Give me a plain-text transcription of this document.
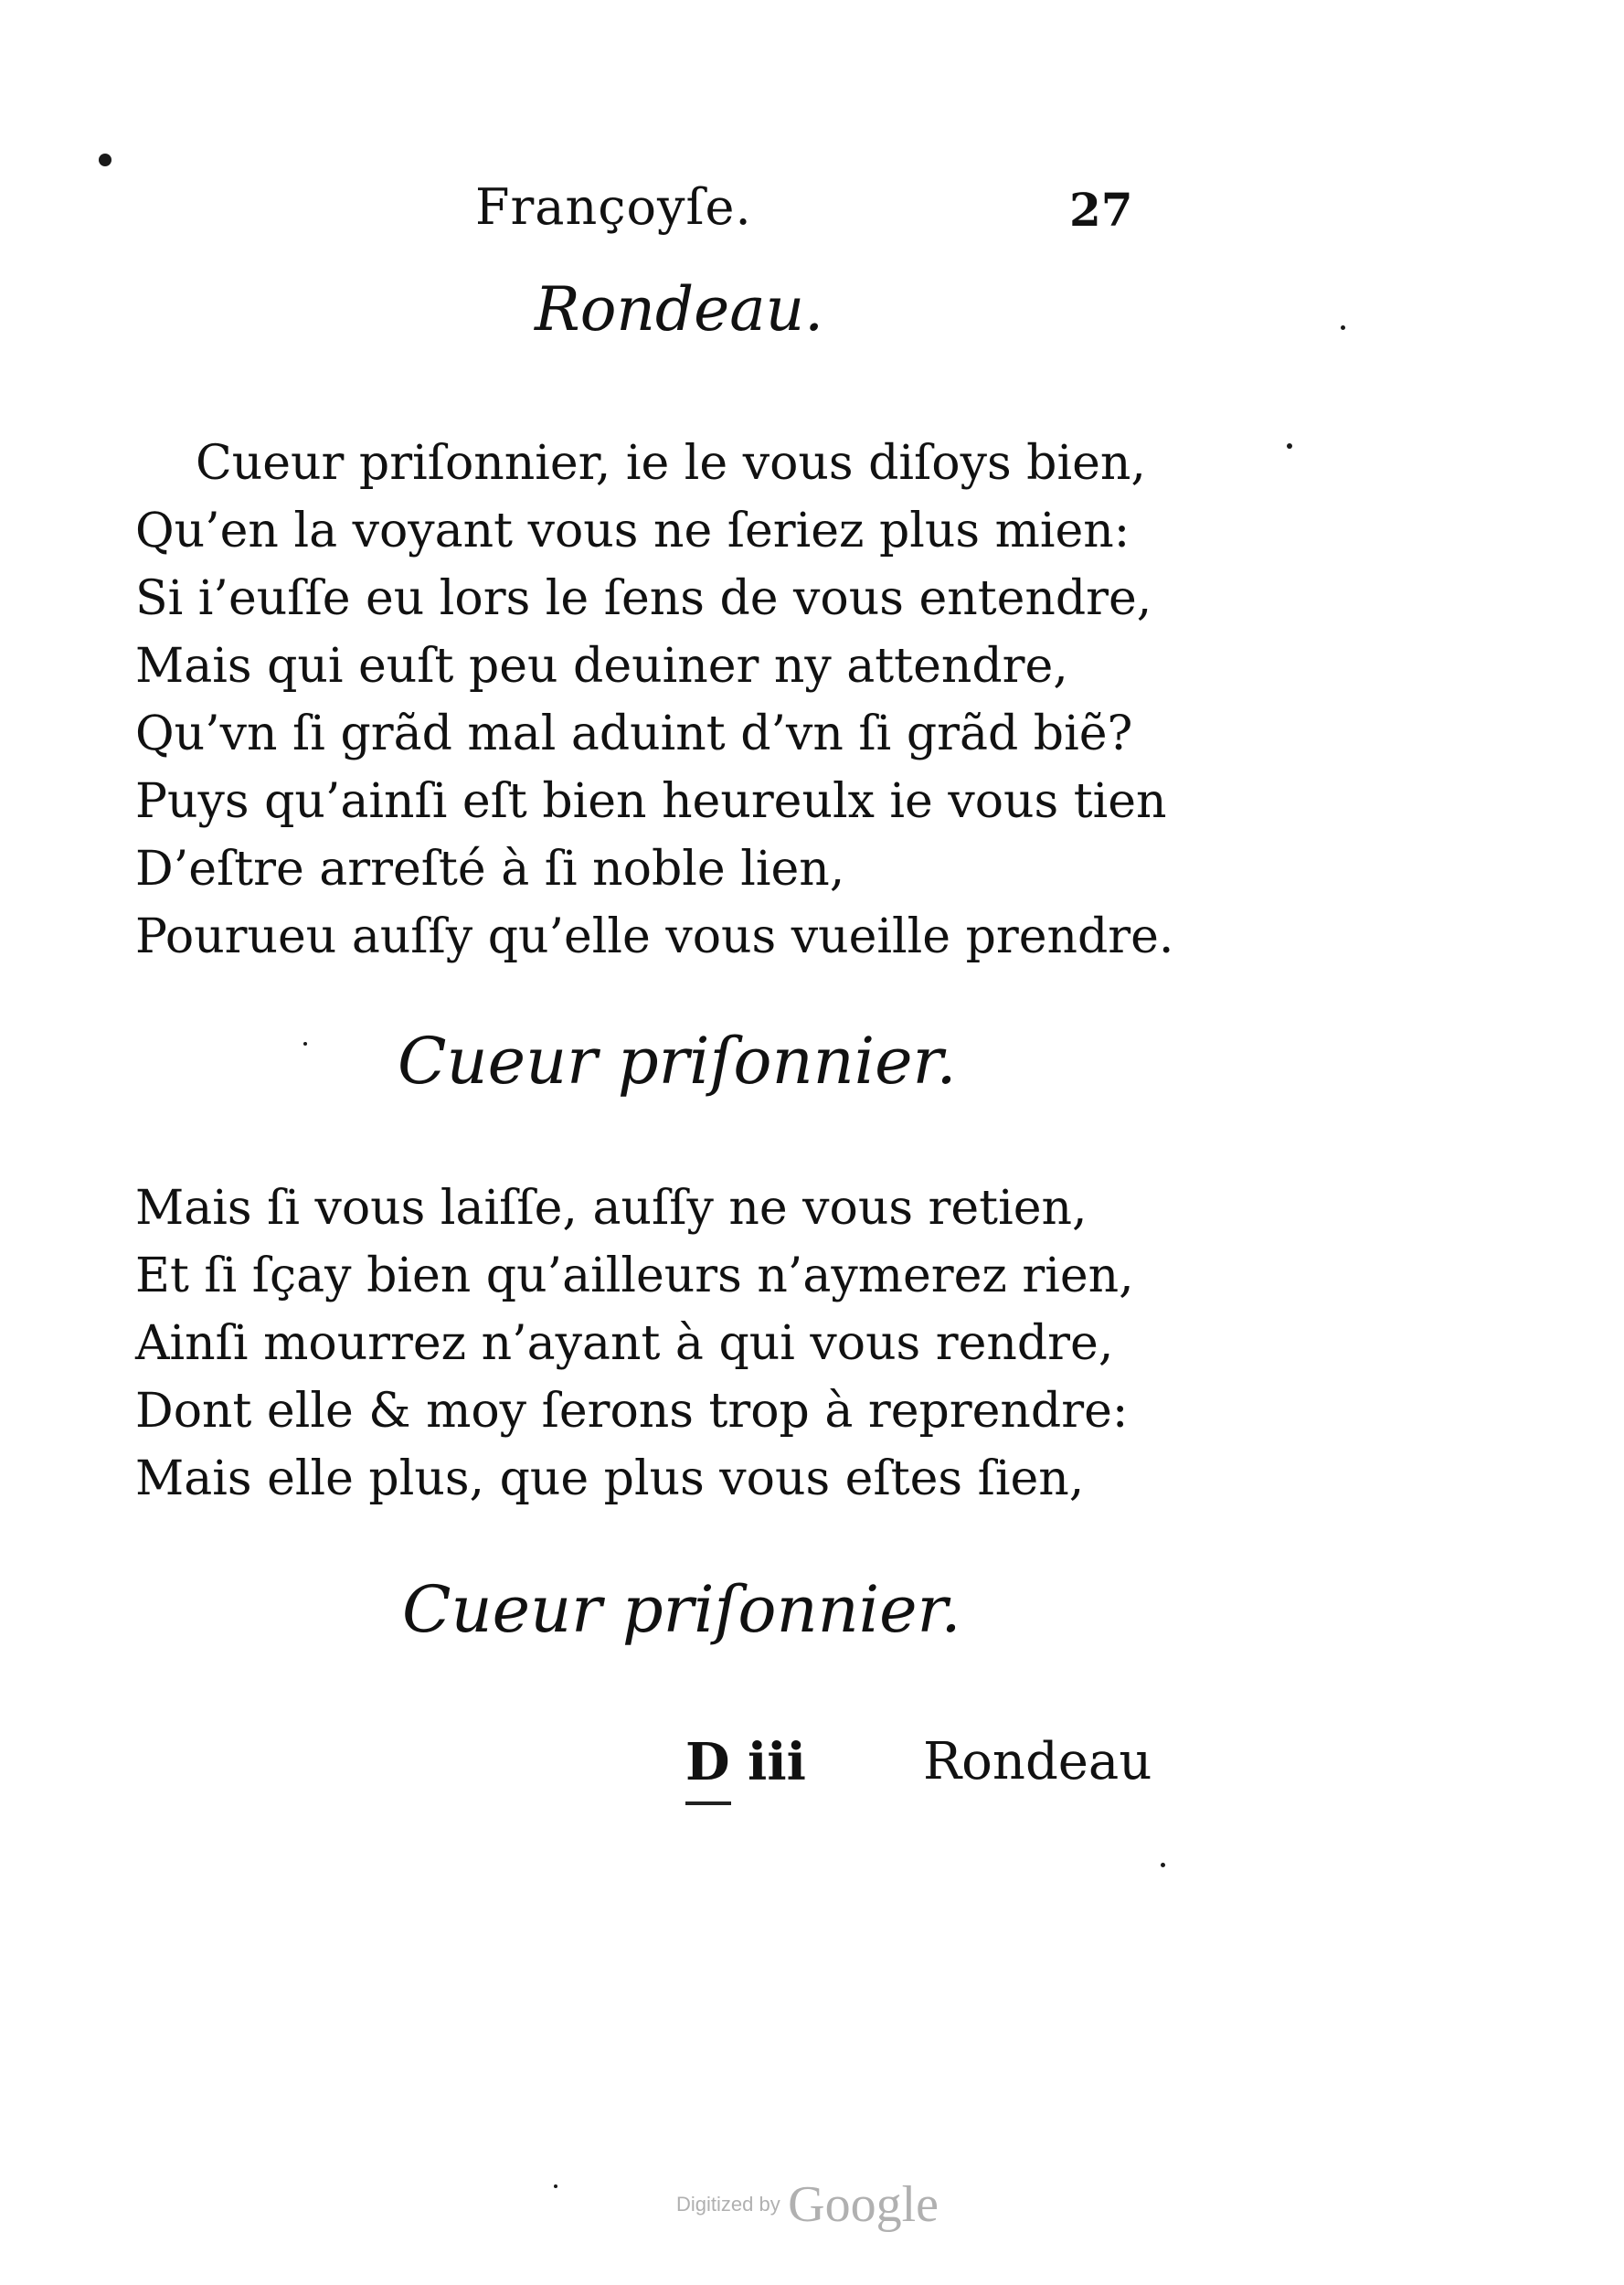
Françoyſe.	27
Rondeau.
Cueur priſonnier, ie le vous diſoys bien,
Qu’en la voyant vous ne ſeriez plus mien:
Si i’euſſe eu lors le ſens de vous entendre,
Mais qui euſt peu deuiner ny attendre,
Qu’vn ſi grãd mal aduint d’vn ſi grãd biẽ?
Puys qu’ainſi eſt bien heureulx ie vous tien
D’eſtre arreſté à ſi noble lien,
Pourueu auſſy qu’elle vous vueille prendre.
Cueur priſonnier.
Mais ſi vous laiſſe, auſſy ne vous retien,
Et ſi ſçay bien qu’ailleurs n’aymerez rien,
Ainſi mourrez n’ayant à qui vous rendre,
Dont elle & moy ſerons trop à reprendre:
Mais elle plus, que plus vous eſtes ſien,
Cueur priſonnier.
D iii Rondeau
Digitized by Google
